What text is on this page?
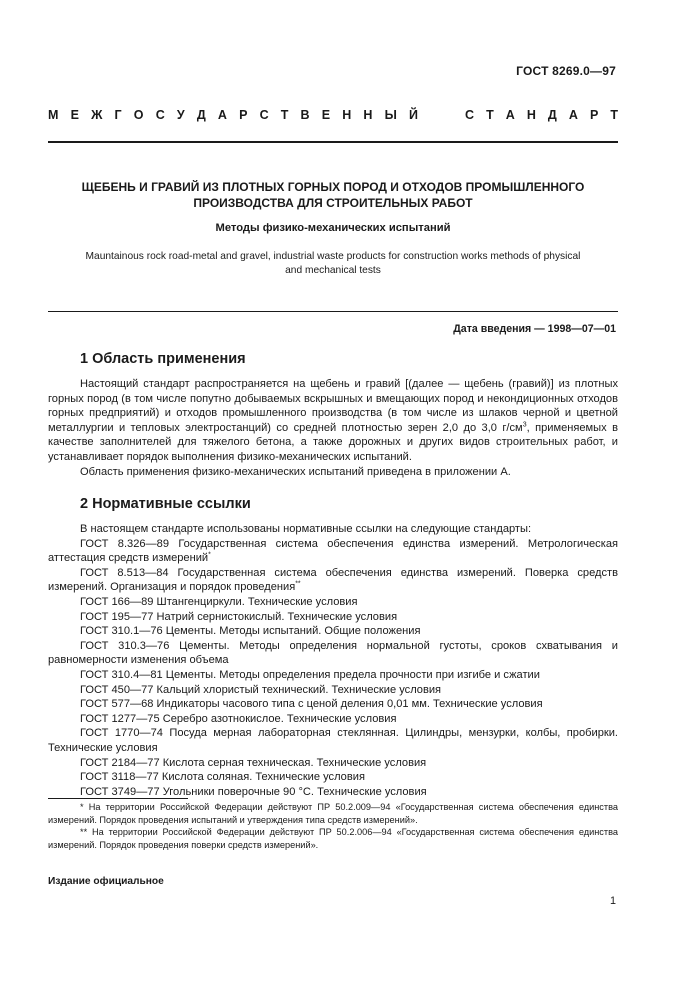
ГОСТ 8269.0—97
М Е Ж Г О С У Д А Р С Т В Е Н Н Ы Й	С Т А Н Д А Р Т
ЩЕБЕНЬ И ГРАВИЙ ИЗ ПЛОТНЫХ ГОРНЫХ ПОРОД И ОТХОДОВ ПРОМЫШЛЕННОГО
ПРОИЗВОДСТВА ДЛЯ СТРОИТЕЛЬНЫХ РАБОТ
Методы физико-механических испытаний
Mauntainous rock road-metal and gravel, industrial waste products for construction works methods of physical
and mechanical tests
Дата введения — 1998—07—01
1 Область применения

Настоящий стандарт распространяется на щебень и гравий [(далее — щебень (гравий)] из плотных горных пород (в том числе попутно добываемых вскрышных и вмещающих пород и некондиционных отходов горных предприятий) и отходов промышленного производства (в том числе из шлаков черной и цветной металлургии и тепловых электростанций) со средней плотностью зерен 2,0 до 3,0 $г/см^3$, применяемых в качестве заполнителей для тяжелого бетона, а также дорожных и других видов строительных работ, и устанавливает порядок выполнения физико-механических испытаний.

Область применения физико-механических испытаний приведена в приложении А.

2 Нормативные ссылки

В настоящем стандарте использованы нормативные ссылки на следующие стандарты:

ГОСТ 8.326—89 Государственная система обеспечения единства измерений. Метрологическая аттестация средств измерений*

ГОСТ 8.513—84 Государственная система обеспечения единства измерений. Поверка средств измерений. Организация и порядок проведения**

ГОСТ 166—89 Штангенциркули. Технические условия

ГОСТ 195—77 Натрий сернистокислый. Технические условия

ГОСТ 310.1—76 Цементы. Методы испытаний. Общие положения

ГОСТ 310.3—76 Цементы. Методы определения нормальной густоты, сроков схватывания и равномерности изменения объема

ГОСТ 310.4—81 Цементы. Методы определения предела прочности при изгибе и сжатии

ГОСТ 450—77 Кальций хлористый технический. Технические условия

ГОСТ 577—68 Индикаторы часового типа с ценой деления 0,01 мм. Технические условия

ГОСТ 1277—75 Серебро азотнокислое. Технические условия

ГОСТ 1770—74 Посуда мерная лабораторная стеклянная. Цилиндры, мензурки, колбы, пробирки. Технические условия

ГОСТ 2184—77 Кислота серная техническая. Технические условия

ГОСТ 3118—77 Кислота соляная. Технические условия

ГОСТ 3749—77 Угольники поверочные 90 °С. Технические условия

* На территории Российской Федерации действуют ПР 50.2.009—94 «Государственная система обеспечения единства измерений. Порядок проведения испытаний и утверждения типа средств измерений».

** На территории Российской Федерации действуют ПР 50.2.006—94 «Государственная система обеспечения единства измерений. Порядок проведения поверки средств измерений».

Издание официальное
1
